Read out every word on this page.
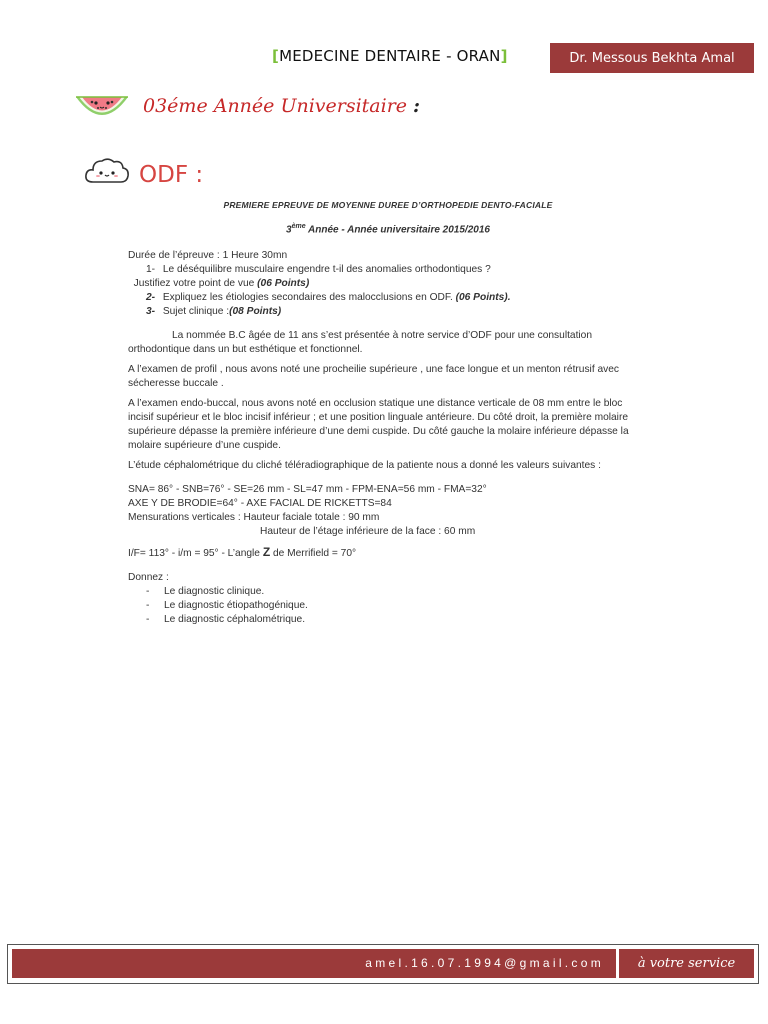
[MEDECINE DENTAIRE - ORAN]	Dr. Messous Bekhta Amal
03éme Année Universitaire :
ODF :
PREMIERE EPREUVE DE MOYENNE DUREE D’ORTHOPEDIE DENTO-FACIALE
3ème Année - Année universitaire 2015/2016

Durée de l’épreuve : 1 Heure 30mn

1- Le déséquilibre musculaire engendre t-il des anomalies orthodontiques ?

Justifiez votre point de vue (06 Points)

2- Expliquez les étiologies secondaires des malocclusions en ODF. (06 Points).

3- Sujet clinique :(08 Points)

La nommée B.C âgée de 11 ans s’est présentée à notre service d’ODF pour une consultation orthodontique dans un but esthétique et fonctionnel.

A l’examen de profil , nous avons noté une procheilie supérieure , une face longue et un menton rétrusif avec sécheresse buccale .

A l’examen endo-buccal, nous avons noté en occlusion statique une distance verticale de 08 mm entre le bloc incisif supérieur et le bloc incisif inférieur ; et une position linguale antérieure. Du côté droit, la première molaire supérieure dépasse la première inférieure d’une demi cuspide. Du côté gauche la molaire inférieure dépasse la molaire supérieure d’une cuspide.

L’étude céphalométrique du cliché téléradiographique de la patiente nous a donné les valeurs suivantes :

SNA= 86° - SNB=76° - SE=26 mm - SL=47 mm - FPM-ENA=56 mm - FMA=32°

AXE Y DE BRODIE=64° - AXE FACIAL DE RICKETTS=84

Mensurations verticales : Hauteur faciale totale : 90 mm

Hauteur de l’étage inférieure de la face : 60 mm

I/F= 113° - i/m = 95° - L’angle Z de Merrifield = 70°

Donnez :

-	Le diagnostic clinique.
-	Le diagnostic étiopathogénique.
-	Le diagnostic céphalométrique.
amel.16.07.1994@gmail.com	à votre service
